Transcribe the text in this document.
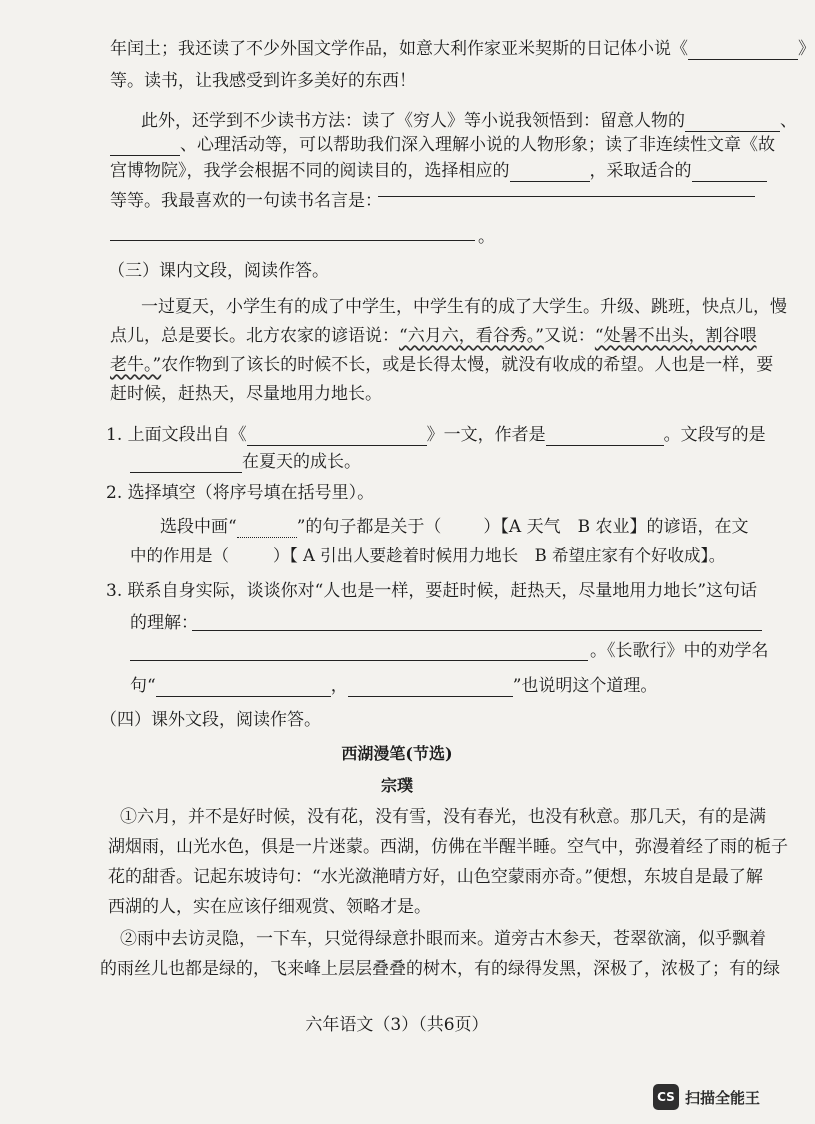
年闰土；我还读了不少外国文学作品，如意大利作家亚米契斯的日记体小说《	》
等。读书，让我感受到许多美好的东西！
此外，还学到不少读书方法：读了《穷人》等小说我领悟到：留意人物的	、
、心理活动等，可以帮助我们深入理解小说的人物形象；读了非连续性文章《故
宫博物院》，我学会根据不同的阅读目的，选择相应的	，采取适合的
等等。我最喜欢的一句读书名言是：
。
（三）课内文段，阅读作答。
一过夏天，小学生有的成了中学生，中学生有的成了大学生。升级、跳班，快点儿，慢
点儿，总是要长。北方农家的谚语说：“六月六，看谷秀。”又说：“处暑不出头，割谷喂
老牛。”农作物到了该长的时候不长，或是长得太慢，就没有收成的希望。人也是一样，要
赶时候，赶热天，尽量地用力地长。
1. 上面文段出自《	》一文，作者是	。文段写的是
在夏天的成长。
2. 选择填空（将序号填在括号里）。
选段中画“	”的句子都是关于（ ）【A 天气　B 农业】的谚语，在文
中的作用是（	）【 A 引出人要趁着时候用力地长　B 希望庄家有个好收成】。
3. 联系自身实际，谈谈你对“人也是一样，要赶时候，赶热天，尽量地用力地长”这句话
的理解：
。《长歌行》中的劝学名
句“	，	”也说明这个道理。
（四）课外文段，阅读作答。
西湖漫笔(节选)
宗璞
①六月，并不是好时候，没有花，没有雪，没有春光，也没有秋意。那几天，有的是满
湖烟雨，山光水色，俱是一片迷蒙。西湖，仿佛在半醒半睡。空气中，弥漫着经了雨的栀子
花的甜香。记起东坡诗句：“水光潋滟晴方好，山色空蒙雨亦奇。”便想，东坡自是最了解
西湖的人，实在应该仔细观赏、领略才是。
②雨中去访灵隐，一下车，只觉得绿意扑眼而来。道旁古木参天，苍翠欲滴，似乎飘着
的雨丝儿也都是绿的，飞来峰上层层叠叠的树木，有的绿得发黑，深极了，浓极了；有的绿
六年语文（3）（共6页）
CS 扫描全能王
